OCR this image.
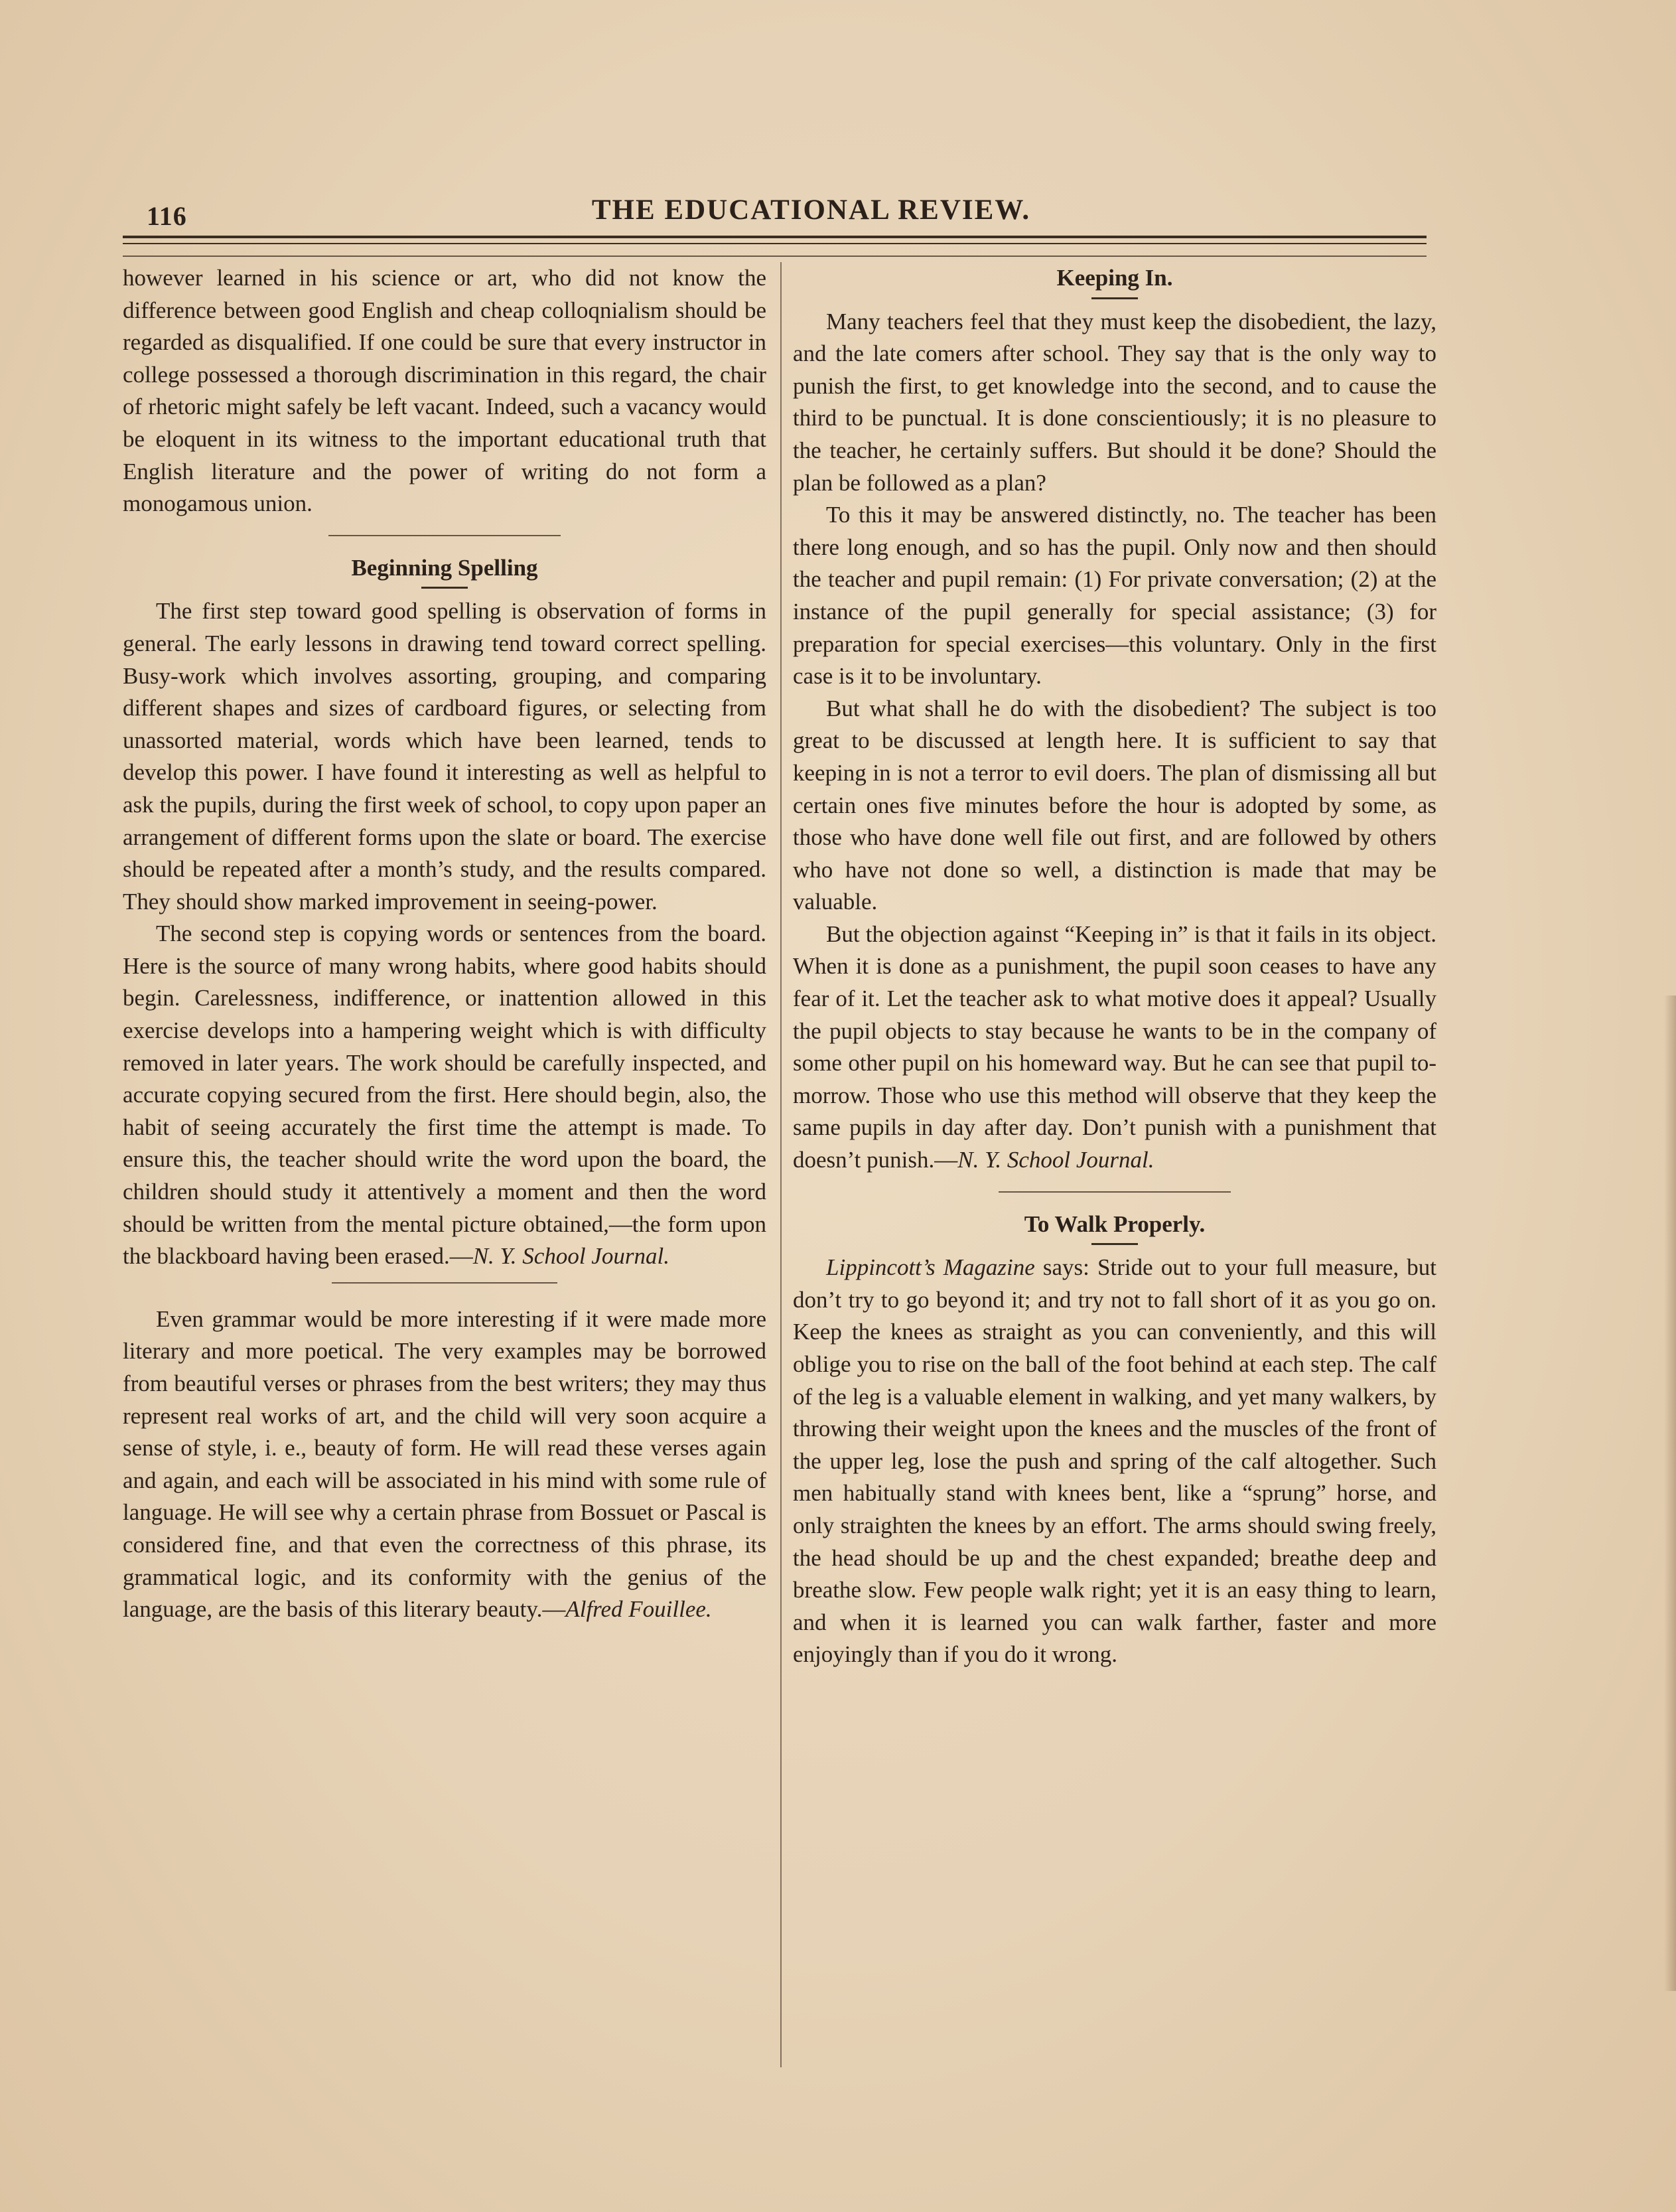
116	THE EDUCATIONAL REVIEW.

however learned in his science or art, who did not know the difference between good English and cheap colloqnialism should be regarded as disqualified. If one could be sure that every instructor in college possessed a thorough discrimination in this regard, the chair of rhetoric might safely be left vacant. Indeed, such a vacancy would be eloquent in its witness to the important educational truth that English literature and the power of writing do not form a monogamous union.

Beginning Spelling

The first step toward good spelling is observation of forms in general. The early lessons in drawing tend toward correct spelling. Busy-work which involves assorting, grouping, and comparing different shapes and sizes of cardboard figures, or selecting from unassorted material, words which have been learned, tends to develop this power. I have found it interesting as well as helpful to ask the pupils, during the first week of school, to copy upon paper an arrangement of different forms upon the slate or board. The exercise should be repeated after a month’s study, and the results compared. They should show marked improvement in seeing-power.

The second step is copying words or sentences from the board. Here is the source of many wrong habits, where good habits should begin. Carelessness, indifference, or inattention allowed in this exercise develops into a hampering weight which is with difficulty removed in later years. The work should be carefully inspected, and accurate copying secured from the first. Here should begin, also, the habit of seeing accurately the first time the attempt is made. To ensure this, the teacher should write the word upon the board, the children should study it attentively a moment and then the word should be written from the mental picture obtained,—the form upon the blackboard having been erased.—N. Y. School Journal.

Even grammar would be more interesting if it were made more literary and more poetical. The very examples may be borrowed from beautiful verses or phrases from the best writers; they may thus represent real works of art, and the child will very soon acquire a sense of style, i. e., beauty of form. He will read these verses again and again, and each will be associated in his mind with some rule of language. He will see why a certain phrase from Bossuet or Pascal is considered fine, and that even the correctness of this phrase, its grammatical logic, and its conformity with the genius of the language, are the basis of this literary beauty.—Alfred Fouillee.

Keeping In.

Many teachers feel that they must keep the disobedient, the lazy, and the late comers after school. They say that is the only way to punish the first, to get knowledge into the second, and to cause the third to be punctual. It is done conscientiously; it is no pleasure to the teacher, he certainly suffers. But should it be done? Should the plan be followed as a plan?

To this it may be answered distinctly, no. The teacher has been there long enough, and so has the pupil. Only now and then should the teacher and pupil remain: (1) For private conversation; (2) at the instance of the pupil generally for special assistance; (3) for preparation for special exercises—this voluntary. Only in the first case is it to be involuntary.

But what shall he do with the disobedient? The subject is too great to be discussed at length here. It is sufficient to say that keeping in is not a terror to evil doers. The plan of dismissing all but certain ones five minutes before the hour is adopted by some, as those who have done well file out first, and are followed by others who have not done so well, a distinction is made that may be valuable.

But the objection against “Keeping in” is that it fails in its object. When it is done as a punishment, the pupil soon ceases to have any fear of it. Let the teacher ask to what motive does it appeal? Usually the pupil objects to stay because he wants to be in the company of some other pupil on his homeward way. But he can see that pupil to-morrow. Those who use this method will observe that they keep the same pupils in day after day. Don’t punish with a punishment that doesn’t punish.—N. Y. School Journal.

To Walk Properly.

Lippincott’s Magazine says: Stride out to your full measure, but don’t try to go beyond it; and try not to fall short of it as you go on. Keep the knees as straight as you can conveniently, and this will oblige you to rise on the ball of the foot behind at each step. The calf of the leg is a valuable element in walking, and yet many walkers, by throwing their weight upon the knees and the muscles of the front of the upper leg, lose the push and spring of the calf altogether. Such men habitually stand with knees bent, like a “sprung” horse, and only straighten the knees by an effort. The arms should swing freely, the head should be up and the chest expanded; breathe deep and breathe slow. Few people walk right; yet it is an easy thing to learn, and when it is learned you can walk farther, faster and more enjoyingly than if you do it wrong.
